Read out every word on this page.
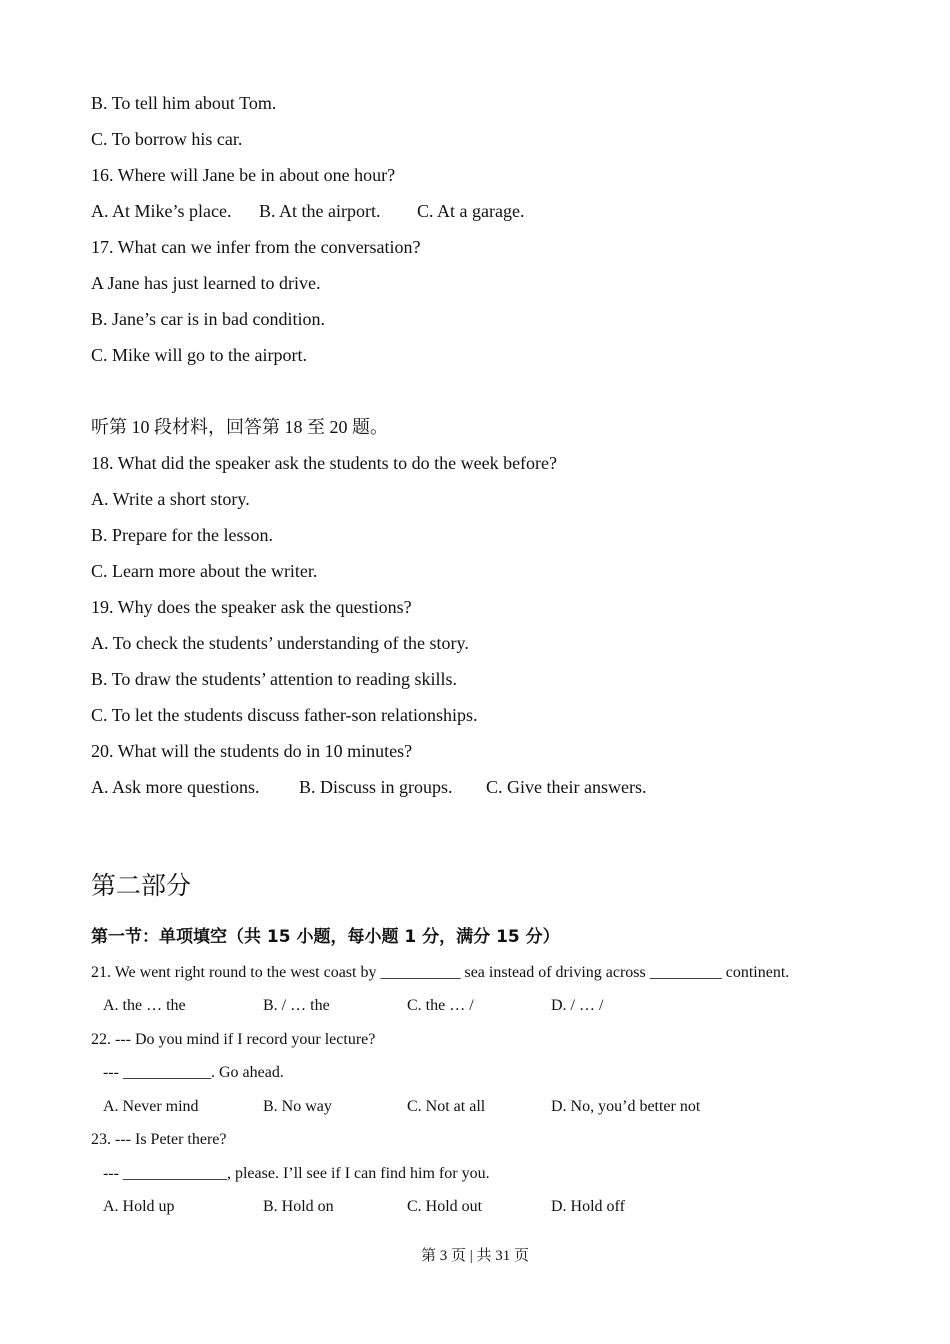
B. To tell him about Tom.
C. To borrow his car.
16. Where will Jane be in about one hour?
A. At Mike’s place.	B. At the airport.	C. At a garage.
17. What can we infer from the conversation?
A Jane has just learned to drive.
B. Jane’s car is in bad condition.
C. Mike will go to the airport.
听第 10 段材料，回答第 18 至 20 题。
18. What did the speaker ask the students to do the week before?
A. Write a short story.
B. Prepare for the lesson.
C. Learn more about the writer.
19. Why does the speaker ask the questions?
A. To check the students’ understanding of the story.
B. To draw the students’ attention to reading skills.
C. To let the students discuss father-son relationships.
20. What will the students do in 10 minutes?
A. Ask more questions.	B. Discuss in groups.	C. Give their answers.
第二部分
第一节：单项填空（共 15 小题，每小题 1 分，满分 15 分）
21. We went right round to the west coast by __________ sea instead of driving across _________ continent.
A. the … the	B. / … the	C. the … /	D. / … /
22. --- Do you mind if I record your lecture?
--- ___________. Go ahead.
A. Never mind	B. No way	C. Not at all	D. No, you’d better not
23. --- Is Peter there?
--- _____________, please. I’ll see if I can find him for you.
A. Hold up	B. Hold on	C. Hold out	D. Hold off
第 3 页 | 共 31 页
